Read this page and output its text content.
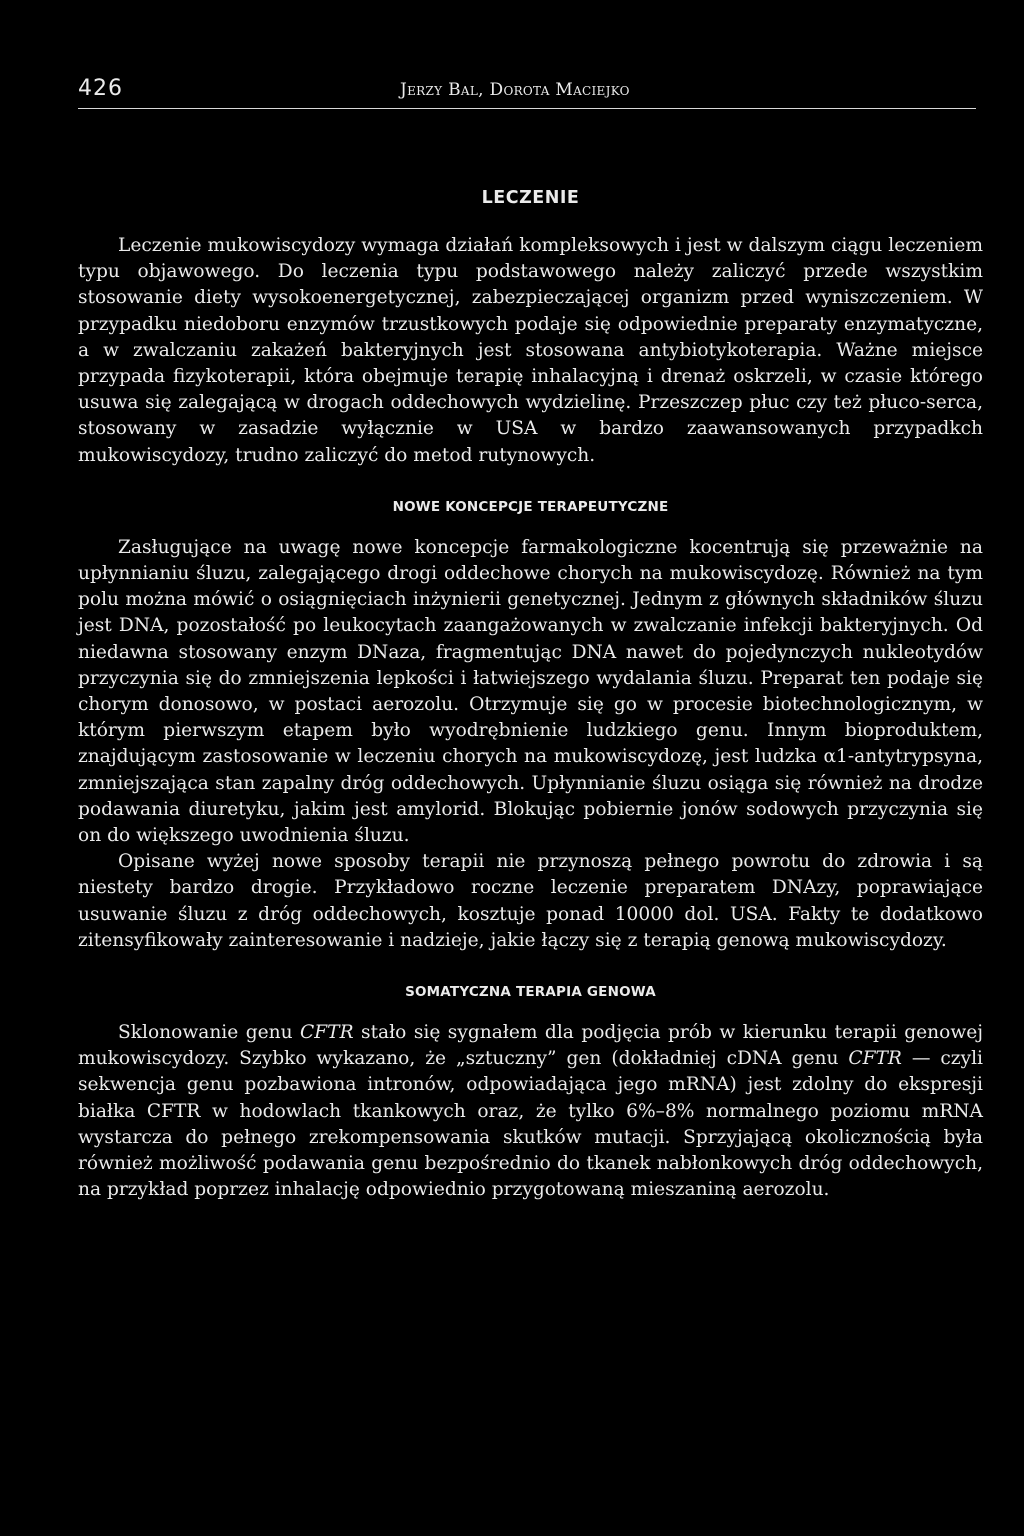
426	Jerzy Bal, Dorota Maciejko
LECZENIE

Leczenie mukowiscydozy wymaga działań kompleksowych i jest w dalszym ciągu leczeniem typu objawowego. Do leczenia typu podstawowego należy zaliczyć przede wszystkim stosowanie diety wysokoenergetycznej, zabezpieczającej organizm przed wyniszczeniem. W przypadku niedoboru enzymów trzustkowych podaje się odpowiednie preparaty enzymatyczne, a w zwalczaniu zakażeń bakteryjnych jest stosowana antybiotykoterapia. Ważne miejsce przypada fizykoterapii, która obejmuje terapię inhalacyjną i drenaż oskrzeli, w czasie którego usuwa się zalegającą w drogach oddechowych wydzielinę. Przeszczep płuc czy też płuco-serca, stosowany w zasadzie wyłącznie w USA w bardzo zaawansowanych przypadkch mukowiscydozy, trudno zaliczyć do metod rutynowych.

NOWE KONCEPCJE TERAPEUTYCZNE

Zasługujące na uwagę nowe koncepcje farmakologiczne kocentrują się przeważnie na upłynnianiu śluzu, zalegającego drogi oddechowe chorych na mukowiscydozę. Również na tym polu można mówić o osiągnięciach inżynierii genetycznej. Jednym z głównych składników śluzu jest DNA, pozostałość po leukocytach zaangażowanych w zwalczanie infekcji bakteryjnych. Od niedawna stosowany enzym DNaza, fragmentując DNA nawet do pojedynczych nukleotydów przyczynia się do zmniejszenia lepkości i łatwiejszego wydalania śluzu. Preparat ten podaje się chorym donosowo, w postaci aerozolu. Otrzymuje się go w procesie biotechnologicznym, w którym pierwszym etapem było wyodrębnienie ludzkiego genu. Innym bioproduktem, znajdującym zastosowanie w leczeniu chorych na mukowiscydozę, jest ludzka α1-antytrypsyna, zmniejszająca stan zapalny dróg oddechowych. Upłynnianie śluzu osiąga się również na drodze podawania diuretyku, jakim jest amylorid. Blokując pobiernie jonów sodowych przyczynia się on do większego uwodnienia śluzu.

Opisane wyżej nowe sposoby terapii nie przynoszą pełnego powrotu do zdrowia i są niestety bardzo drogie. Przykładowo roczne leczenie preparatem DNAzy, poprawiające usuwanie śluzu z dróg oddechowych, kosztuje ponad 10000 dol. USA. Fakty te dodatkowo zitensyfikowały zainteresowanie i nadzieje, jakie łączy się z terapią genową mukowiscydozy.

SOMATYCZNA TERAPIA GENOWA

Sklonowanie genu CFTR stało się sygnałem dla podjęcia prób w kierunku terapii genowej mukowiscydozy. Szybko wykazano, że „sztuczny” gen (dokładniej cDNA genu CFTR — czyli sekwencja genu pozbawiona intronów, odpowiadająca jego mRNA) jest zdolny do ekspresji białka CFTR w hodowlach tkankowych oraz, że tylko 6%–8% normalnego poziomu mRNA wystarcza do pełnego zrekompensowania skutków mutacji. Sprzyjającą okolicznością była również możliwość podawania genu bezpośrednio do tkanek nabłonkowych dróg oddechowych, na przykład poprzez inhalację odpowiednio przygotowaną mieszaniną aerozolu.
